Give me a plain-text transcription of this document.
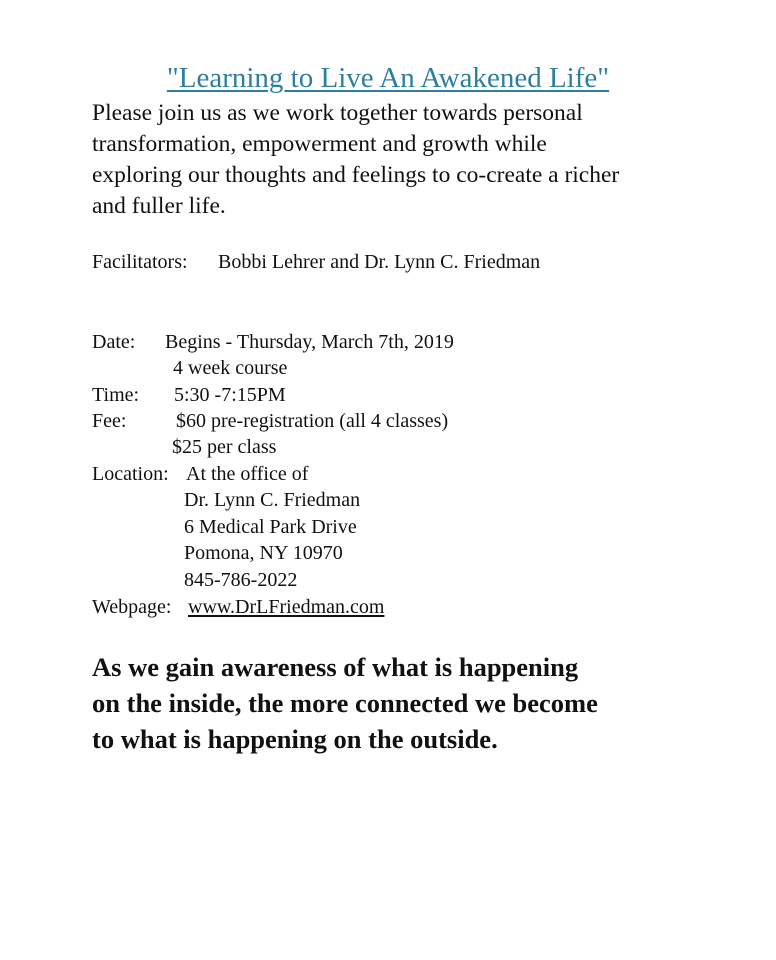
"Learning to Live An Awakened Life"
Please join us as we work together towards personal
transformation, empowerment and growth while
exploring our thoughts and feelings to co-create a richer
and fuller life.
Facilitators: Bobbi Lehrer and Dr. Lynn C. Friedman
Date: Begins - Thursday, March 7th, 2019
4 week course
Time: 5:30 -7:15PM
Fee: $60 pre-registration (all 4 classes)
$25 per class
Location: At the office of
Dr. Lynn C. Friedman
6 Medical Park Drive
Pomona, NY 10970
845-786-2022
Webpage: www.DrLFriedman.com
As we gain awareness of what is happening
on the inside, the more connected we become
to what is happening on the outside.
